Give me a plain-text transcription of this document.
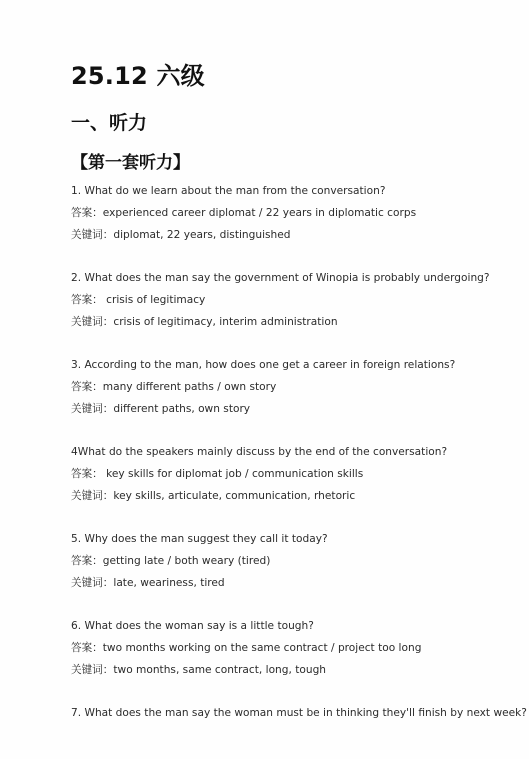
25.12 六级
一、听力
【第一套听力】
1. What do we learn about the man from the conversation?
答案：experienced career diplomat / 22 years in diplomatic corps
关键词：diplomat, 22 years, distinguished
2. What does the man say the government of Winopia is probably undergoing?
答案： crisis of legitimacy
关键词：crisis of legitimacy, interim administration
3. According to the man, how does one get a career in foreign relations?
答案：many different paths / own story
关键词：different paths, own story
4What do the speakers mainly discuss by the end of the conversation?
答案： key skills for diplomat job / communication skills
关键词：key skills, articulate, communication, rhetoric
5. Why does the man suggest they call it today?
答案：getting late / both weary (tired)
关键词：late, weariness, tired
6. What does the woman say is a little tough?
答案：two months working on the same contract / project too long
关键词：two months, same contract, long, tough
7. What does the man say the woman must be in thinking they'll finish by next week?
